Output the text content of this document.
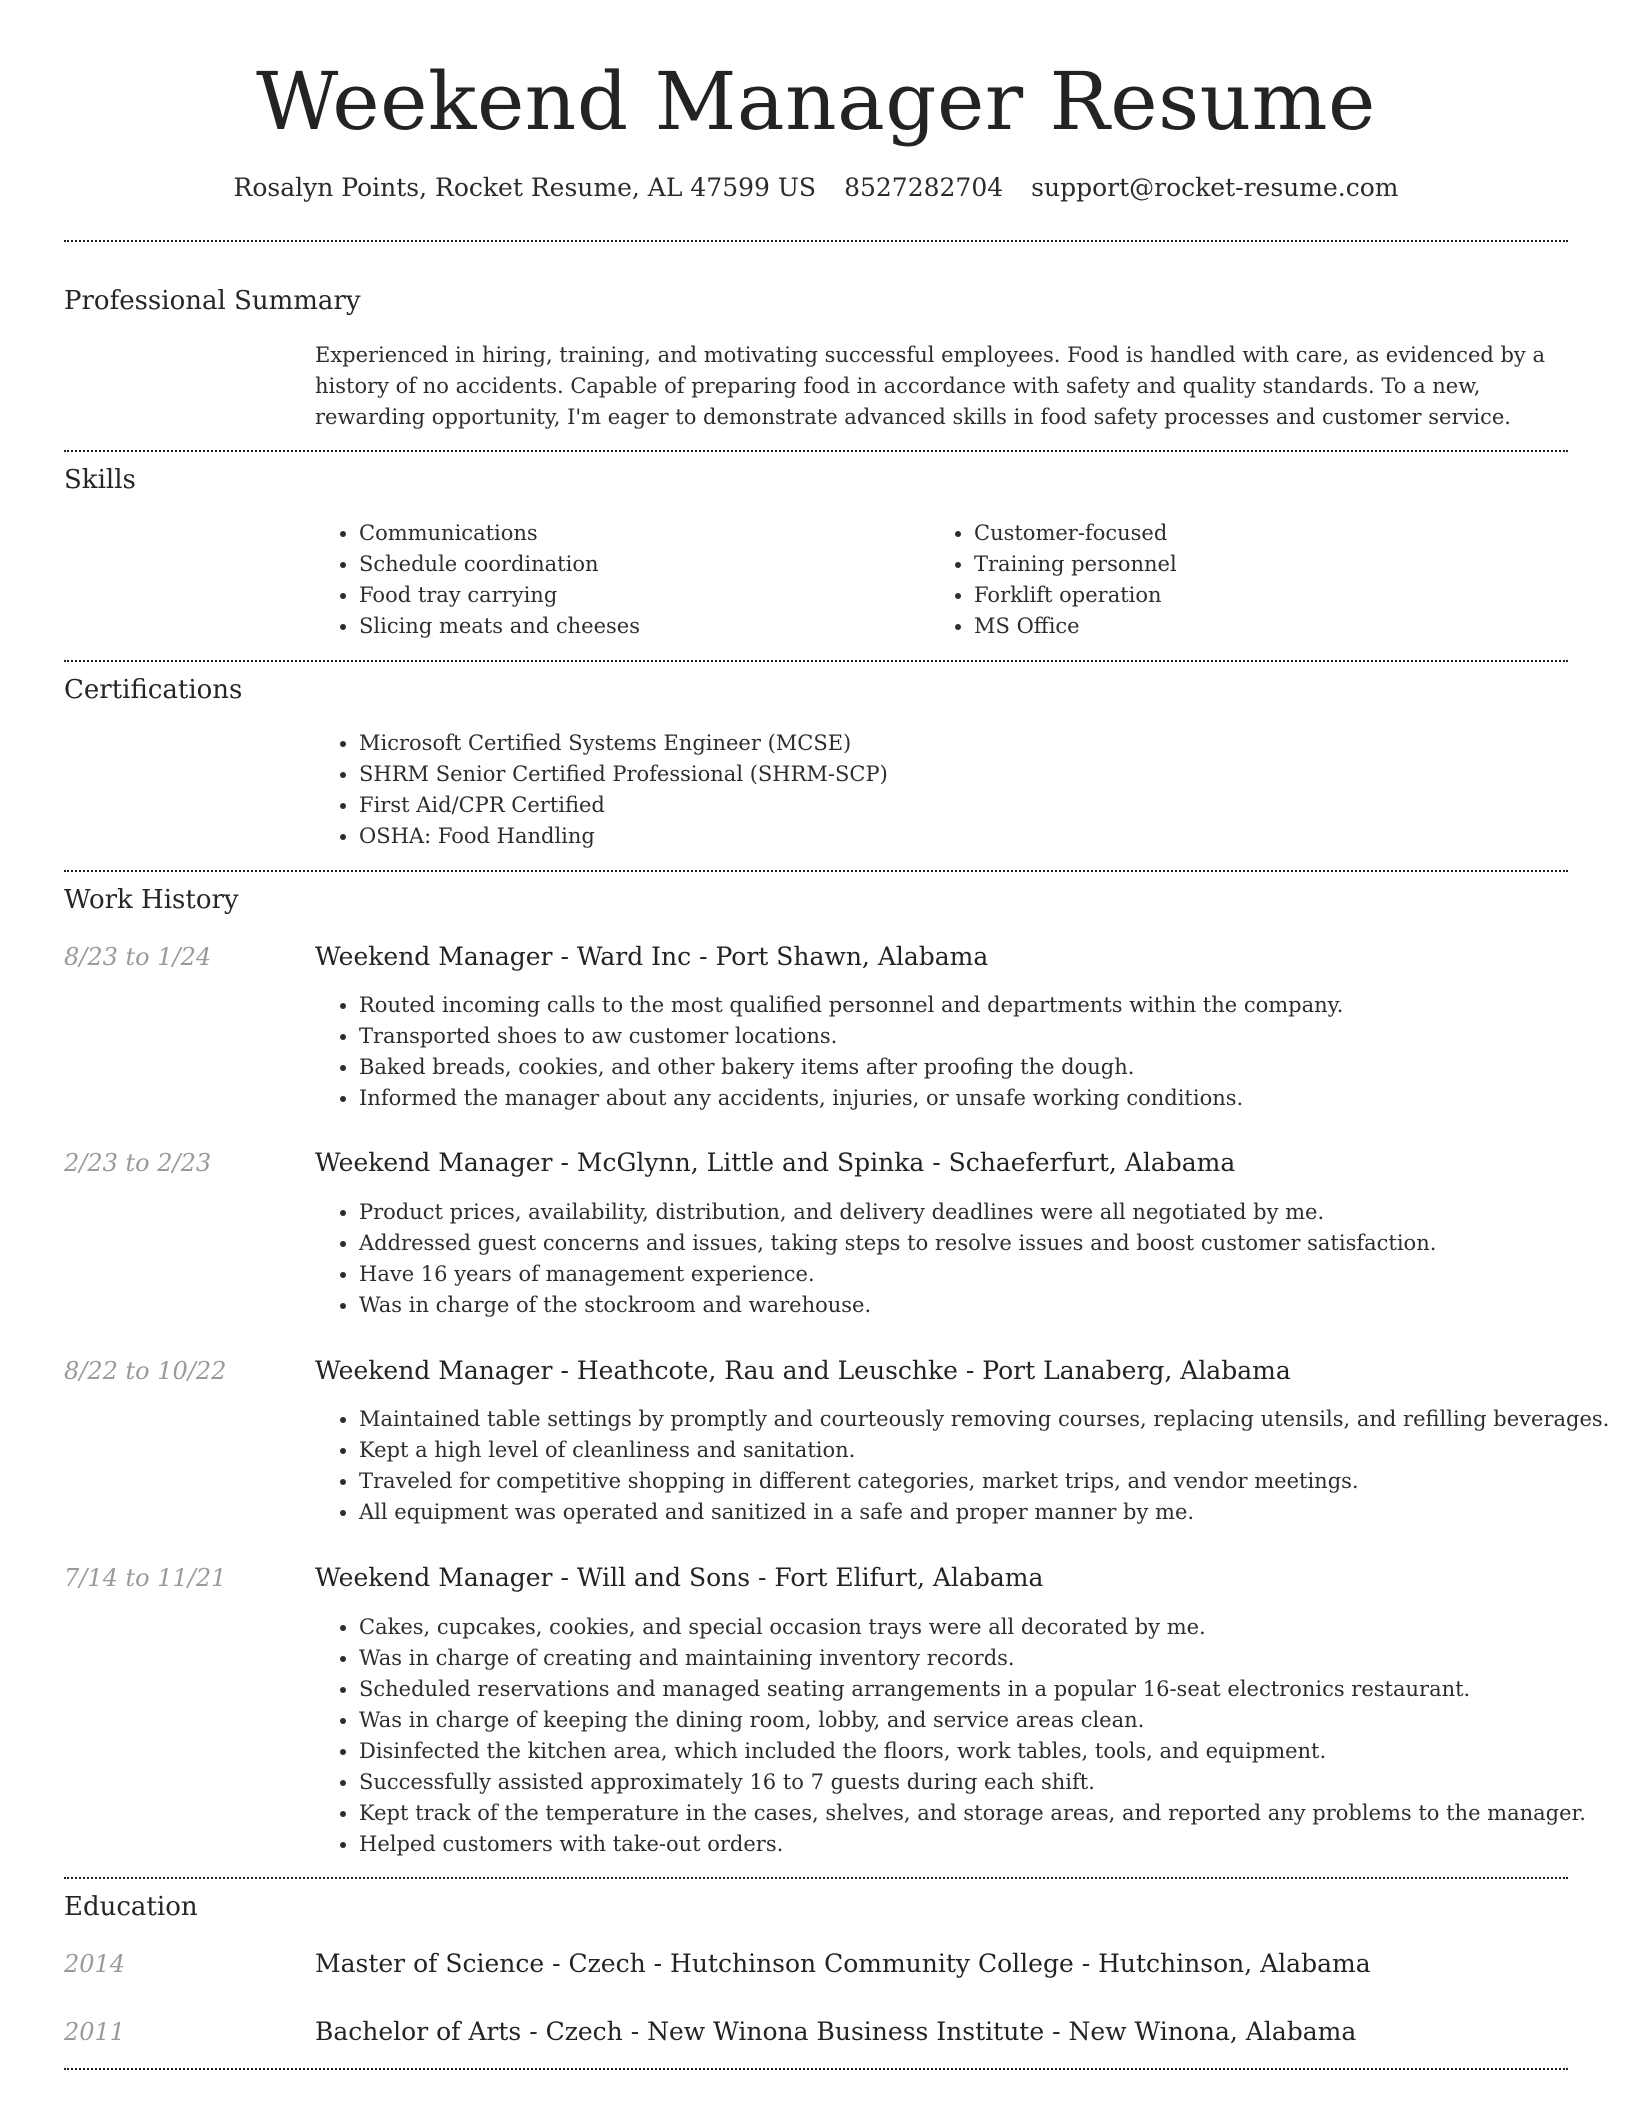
Weekend Manager Resume
Rosalyn Points, Rocket Resume, AL 47599 US 8527282704 support@rocket-resume.com
Professional Summary
Experienced in hiring, training, and motivating successful employees. Food is handled with care, as evidenced by a history of no accidents. Capable of preparing food in accordance with safety and quality standards. To a new, rewarding opportunity, I'm eager to demonstrate advanced skills in food safety processes and customer service.
Skills
• Communications
• Schedule coordination
• Food tray carrying
• Slicing meats and cheeses
• Customer-focused
• Training personnel
• Forklift operation
• MS Office
Certifications
• Microsoft Certified Systems Engineer (MCSE)
• SHRM Senior Certified Professional (SHRM-SCP)
• First Aid/CPR Certified
• OSHA: Food Handling
Work History
8/23 to 1/24	Weekend Manager - Ward Inc - Port Shawn, Alabama
• Routed incoming calls to the most qualified personnel and departments within the company.
• Transported shoes to aw customer locations.
• Baked breads, cookies, and other bakery items after proofing the dough.
• Informed the manager about any accidents, injuries, or unsafe working conditions.
2/23 to 2/23	Weekend Manager - McGlynn, Little and Spinka - Schaeferfurt, Alabama
• Product prices, availability, distribution, and delivery deadlines were all negotiated by me.
• Addressed guest concerns and issues, taking steps to resolve issues and boost customer satisfaction.
• Have 16 years of management experience.
• Was in charge of the stockroom and warehouse.
8/22 to 10/22	Weekend Manager - Heathcote, Rau and Leuschke - Port Lanaberg, Alabama
• Maintained table settings by promptly and courteously removing courses, replacing utensils, and refilling beverages.
• Kept a high level of cleanliness and sanitation.
• Traveled for competitive shopping in different categories, market trips, and vendor meetings.
• All equipment was operated and sanitized in a safe and proper manner by me.
7/14 to 11/21	Weekend Manager - Will and Sons - Fort Elifurt, Alabama
• Cakes, cupcakes, cookies, and special occasion trays were all decorated by me.
• Was in charge of creating and maintaining inventory records.
• Scheduled reservations and managed seating arrangements in a popular 16-seat electronics restaurant.
• Was in charge of keeping the dining room, lobby, and service areas clean.
• Disinfected the kitchen area, which included the floors, work tables, tools, and equipment.
• Successfully assisted approximately 16 to 7 guests during each shift.
• Kept track of the temperature in the cases, shelves, and storage areas, and reported any problems to the manager.
• Helped customers with take-out orders.
Education
2014	Master of Science - Czech - Hutchinson Community College - Hutchinson, Alabama
2011	Bachelor of Arts - Czech - New Winona Business Institute - New Winona, Alabama
